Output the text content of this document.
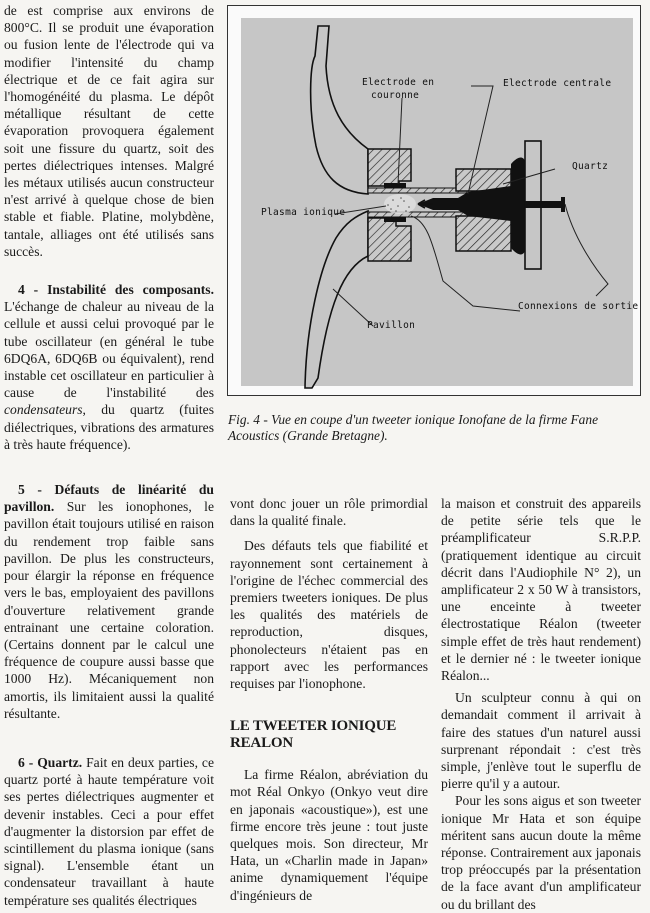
de est comprise aux environs de 800°C. Il se produit une évaporation ou fusion lente de l'électrode qui va modifier l'intensité du champ électrique et de ce fait agira sur l'homogénéité du plasma. Le dépôt métallique résultant de cette évaporation provoquera également soit une fissure du quartz, soit des pertes diélectriques intenses. Malgré les métaux utilisés aucun constructeur n'est arrivé à quelque chose de bien stable et fiable. Platine, molybdène, tantale, alliages ont été utilisés sans succès.

4 - Instabilité des composants. L'échange de chaleur au niveau de la cellule et aussi celui provoqué par le tube oscillateur (en général le tube 6DQ6A, 6DQ6B ou équivalent), rend instable cet oscillateur en particulier à cause de l'instabilité des condensateurs, du quartz (fuites diélectriques, vibrations des armatures à très haute fréquence).

5 - Défauts de linéarité du pavillon. Sur les ionophones, le pavillon était toujours utilisé en raison du rendement trop faible sans pavillon. De plus les constructeurs, pour élargir la réponse en fréquence vers le bas, employaient des pavillons d'ouverture relativement grande entrainant une certaine coloration. (Certains donnent par le calcul une fréquence de coupure aussi basse que 1000 Hz). Mécaniquement non amortis, ils limitaient aussi la qualité résultante.

6 - Quartz. Fait en deux parties, ce quartz porté à haute température voit ses pertes diélectriques augmenter et devenir instables. Ceci a pour effet d'augmenter la distorsion par effet de scintillement du plasma ionique (sans signal). L'ensemble étant un condensateur travaillant à haute température ses qualités électriques

Electrode en
couronne
Electrode centrale
Quartz
Plasma ionique
Connexions de sortie
Pavillon
Fig. 4 - Vue en coupe d'un tweeter ionique Ionofane de la firme Fane Acoustics (Grande Bretagne).

vont donc jouer un rôle primordial dans la qualité finale.

Des défauts tels que fiabilité et rayonnement sont certainement à l'origine de l'échec commercial des premiers tweeters ioniques. De plus les qualités des matériels de reproduction, disques, phonolecteurs n'étaient pas en rapport avec les performances requises par l'ionophone.

LE TWEETER IONIQUE REALON

La firme Réalon, abréviation du mot Réal Onkyo (Onkyo veut dire en japonais «acoustique»), est une firme encore très jeune : tout juste quelques mois. Son directeur, Mr Hata, un «Charlin made in Japan» anime dynamiquement l'équipe d'ingénieurs de

la maison et construit des appareils de petite série tels que le préamplificateur S.R.P.P. (pratiquement identique au circuit décrit dans l'Audiophile N° 2), un amplificateur 2 x 50 W à transistors, une enceinte à tweeter électrostatique Réalon (tweeter simple effet de très haut rendement) et le dernier né : le tweeter ionique Réalon...

Un sculpteur connu à qui on demandait comment il arrivait à faire des statues d'un naturel aussi surprenant répondait : c'est très simple, j'enlève tout le superflu de pierre qu'il y a autour.

Pour les sons aigus et son tweeter ionique Mr Hata et son équipe méritent sans aucun doute la même réponse. Contrairement aux japonais trop préoccupés par la présentation de la face avant d'un amplificateur ou du brillant des
